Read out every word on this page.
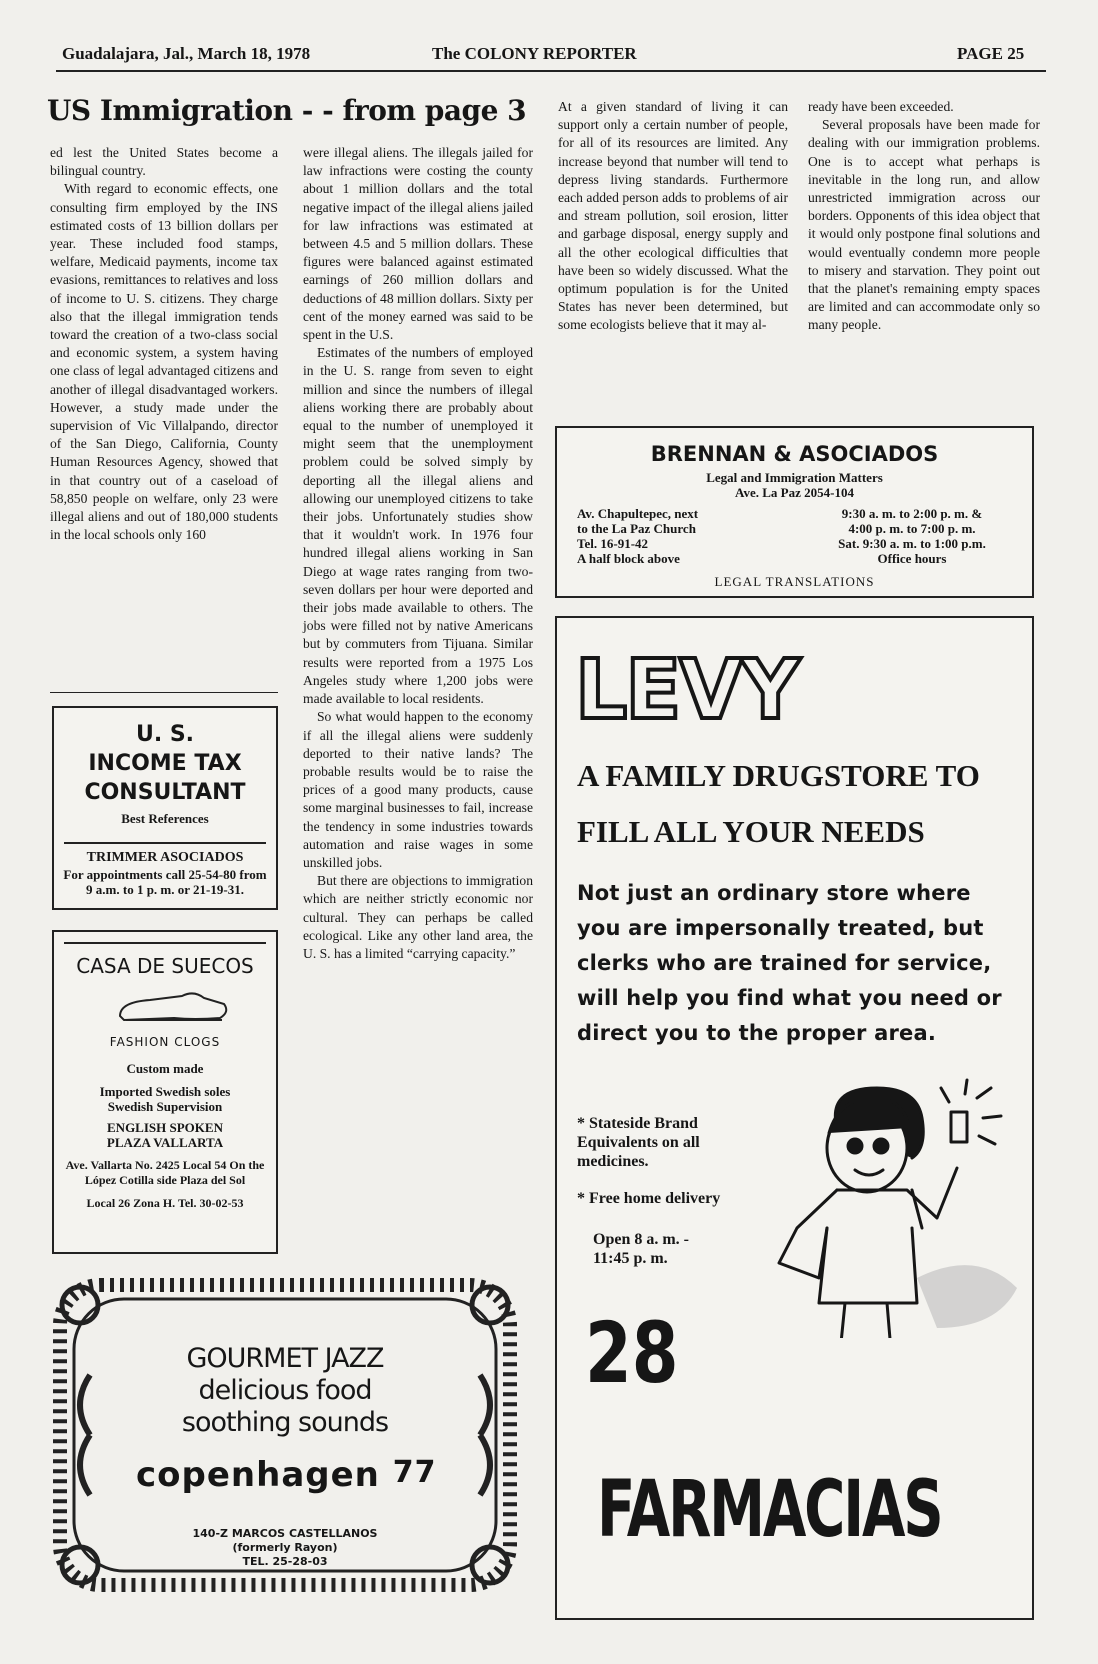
Guadalajara, Jal., March 18, 1978	The COLONY REPORTER	PAGE 25
US Immigration - - from page 3

ed lest the United States become a bilingual country.

With regard to economic effects, one consulting firm employed by the INS estimated costs of 13 billion dollars per year. These included food stamps, welfare, Medicaid payments, income tax evasions, remittances to relatives and loss of income to U. S. citizens. They charge also that the illegal immigration tends toward the creation of a two-class social and economic system, a system having one class of legal advantaged citizens and another of illegal disadvantaged workers. However, a study made under the supervision of Vic Villalpando, director of the San Diego, California, County Human Resources Agency, showed that in that country out of a caseload of 58,850 people on welfare, only 23 were illegal aliens and out of 180,000 students in the local schools only 160

were illegal aliens. The illegals jailed for law infractions were costing the county about 1 million dollars and the total negative impact of the illegal aliens jailed for law infractions was estimated at between 4.5 and 5 million dollars. These figures were balanced against estimated earnings of 260 million dollars and deductions of 48 million dollars. Sixty per cent of the money earned was said to be spent in the U.S.

Estimates of the numbers of employed in the U. S. range from seven to eight million and since the numbers of illegal aliens working there are probably about equal to the number of unemployed it might seem that the unemployment problem could be solved simply by deporting all the illegal aliens and allowing our unemployed citizens to take their jobs. Unfortunately studies show that it wouldn't work. In 1976 four hundred illegal aliens working in San Diego at wage rates ranging from two-seven dollars per hour were deported and their jobs made available to others. The jobs were filled not by native Americans but by commuters from Tijuana. Similar results were reported from a 1975 Los Angeles study where 1,200 jobs were made available to local residents.

So what would happen to the economy if all the illegal aliens were suddenly deported to their native lands? The probable results would be to raise the prices of a good many products, cause some marginal businesses to fail, increase the tendency in some industries towards automation and raise wages in some unskilled jobs.

But there are objections to immigration which are neither strictly economic nor cultural. They can perhaps be called ecological. Like any other land area, the U. S. has a limited “carrying capacity.”

At a given standard of living it can support only a certain number of people, for all of its resources are limited. Any increase beyond that number will tend to depress living standards. Furthermore each added person adds to problems of air and stream pollution, soil erosion, litter and garbage disposal, energy supply and all the other ecological difficulties that have been so widely discussed. What the optimum population is for the United States has never been determined, but some ecologists believe that it may al-

ready have been exceeded.

Several proposals have been made for dealing with our immigration problems. One is to accept what perhaps is inevitable in the long run, and allow unrestricted immigration across our borders. Opponents of this idea object that it would only postpone final solutions and would eventually condemn more people to misery and starvation. They point out that the planet's remaining empty spaces are limited and can accommodate only so many people.

U. S.
INCOME TAX
CONSULTANT
Best References
TRIMMER ASOCIADOS
For appointments call 25-54-80 from 9 a.m. to 1 p. m. or 21-19-31.
CASA DE SUECOS
FASHION CLOGS
Custom made
Imported Swedish soles
Swedish Supervision
ENGLISH SPOKEN
PLAZA VALLARTA
Ave. Vallarta No. 2425 Local 54 On the López Cotilla side Plaza del Sol
Local 26 Zona H. Tel. 30-02-53
GOURMET JAZZ
delicious food
soothing sounds
copenhagen 77
140-Z MARCOS CASTELLANOS
(formerly Rayon)
TEL. 25-28-03
BRENNAN & ASOCIADOS
Legal and Immigration Matters
Ave. La Paz 2054-104
Av. Chapultepec, next
to the La Paz Church
Tel. 16-91-42
A half block above
9:30 a. m. to 2:00 p. m. &
4:00 p. m. to 7:00 p. m.
Sat. 9:30 a. m. to 1:00 p.m.
Office hours
LEGAL TRANSLATIONS
LEVY
A FAMILY DRUGSTORE TO
FILL ALL YOUR NEEDS
Not just an ordinary store where you are impersonally treated, but clerks who are trained for service, will help you find what you need or direct you to the proper area.
* Stateside Brand Equivalents on all medicines.
* Free home delivery
Open 8 a. m. - 11:45 p. m.
28
FARMACIAS
